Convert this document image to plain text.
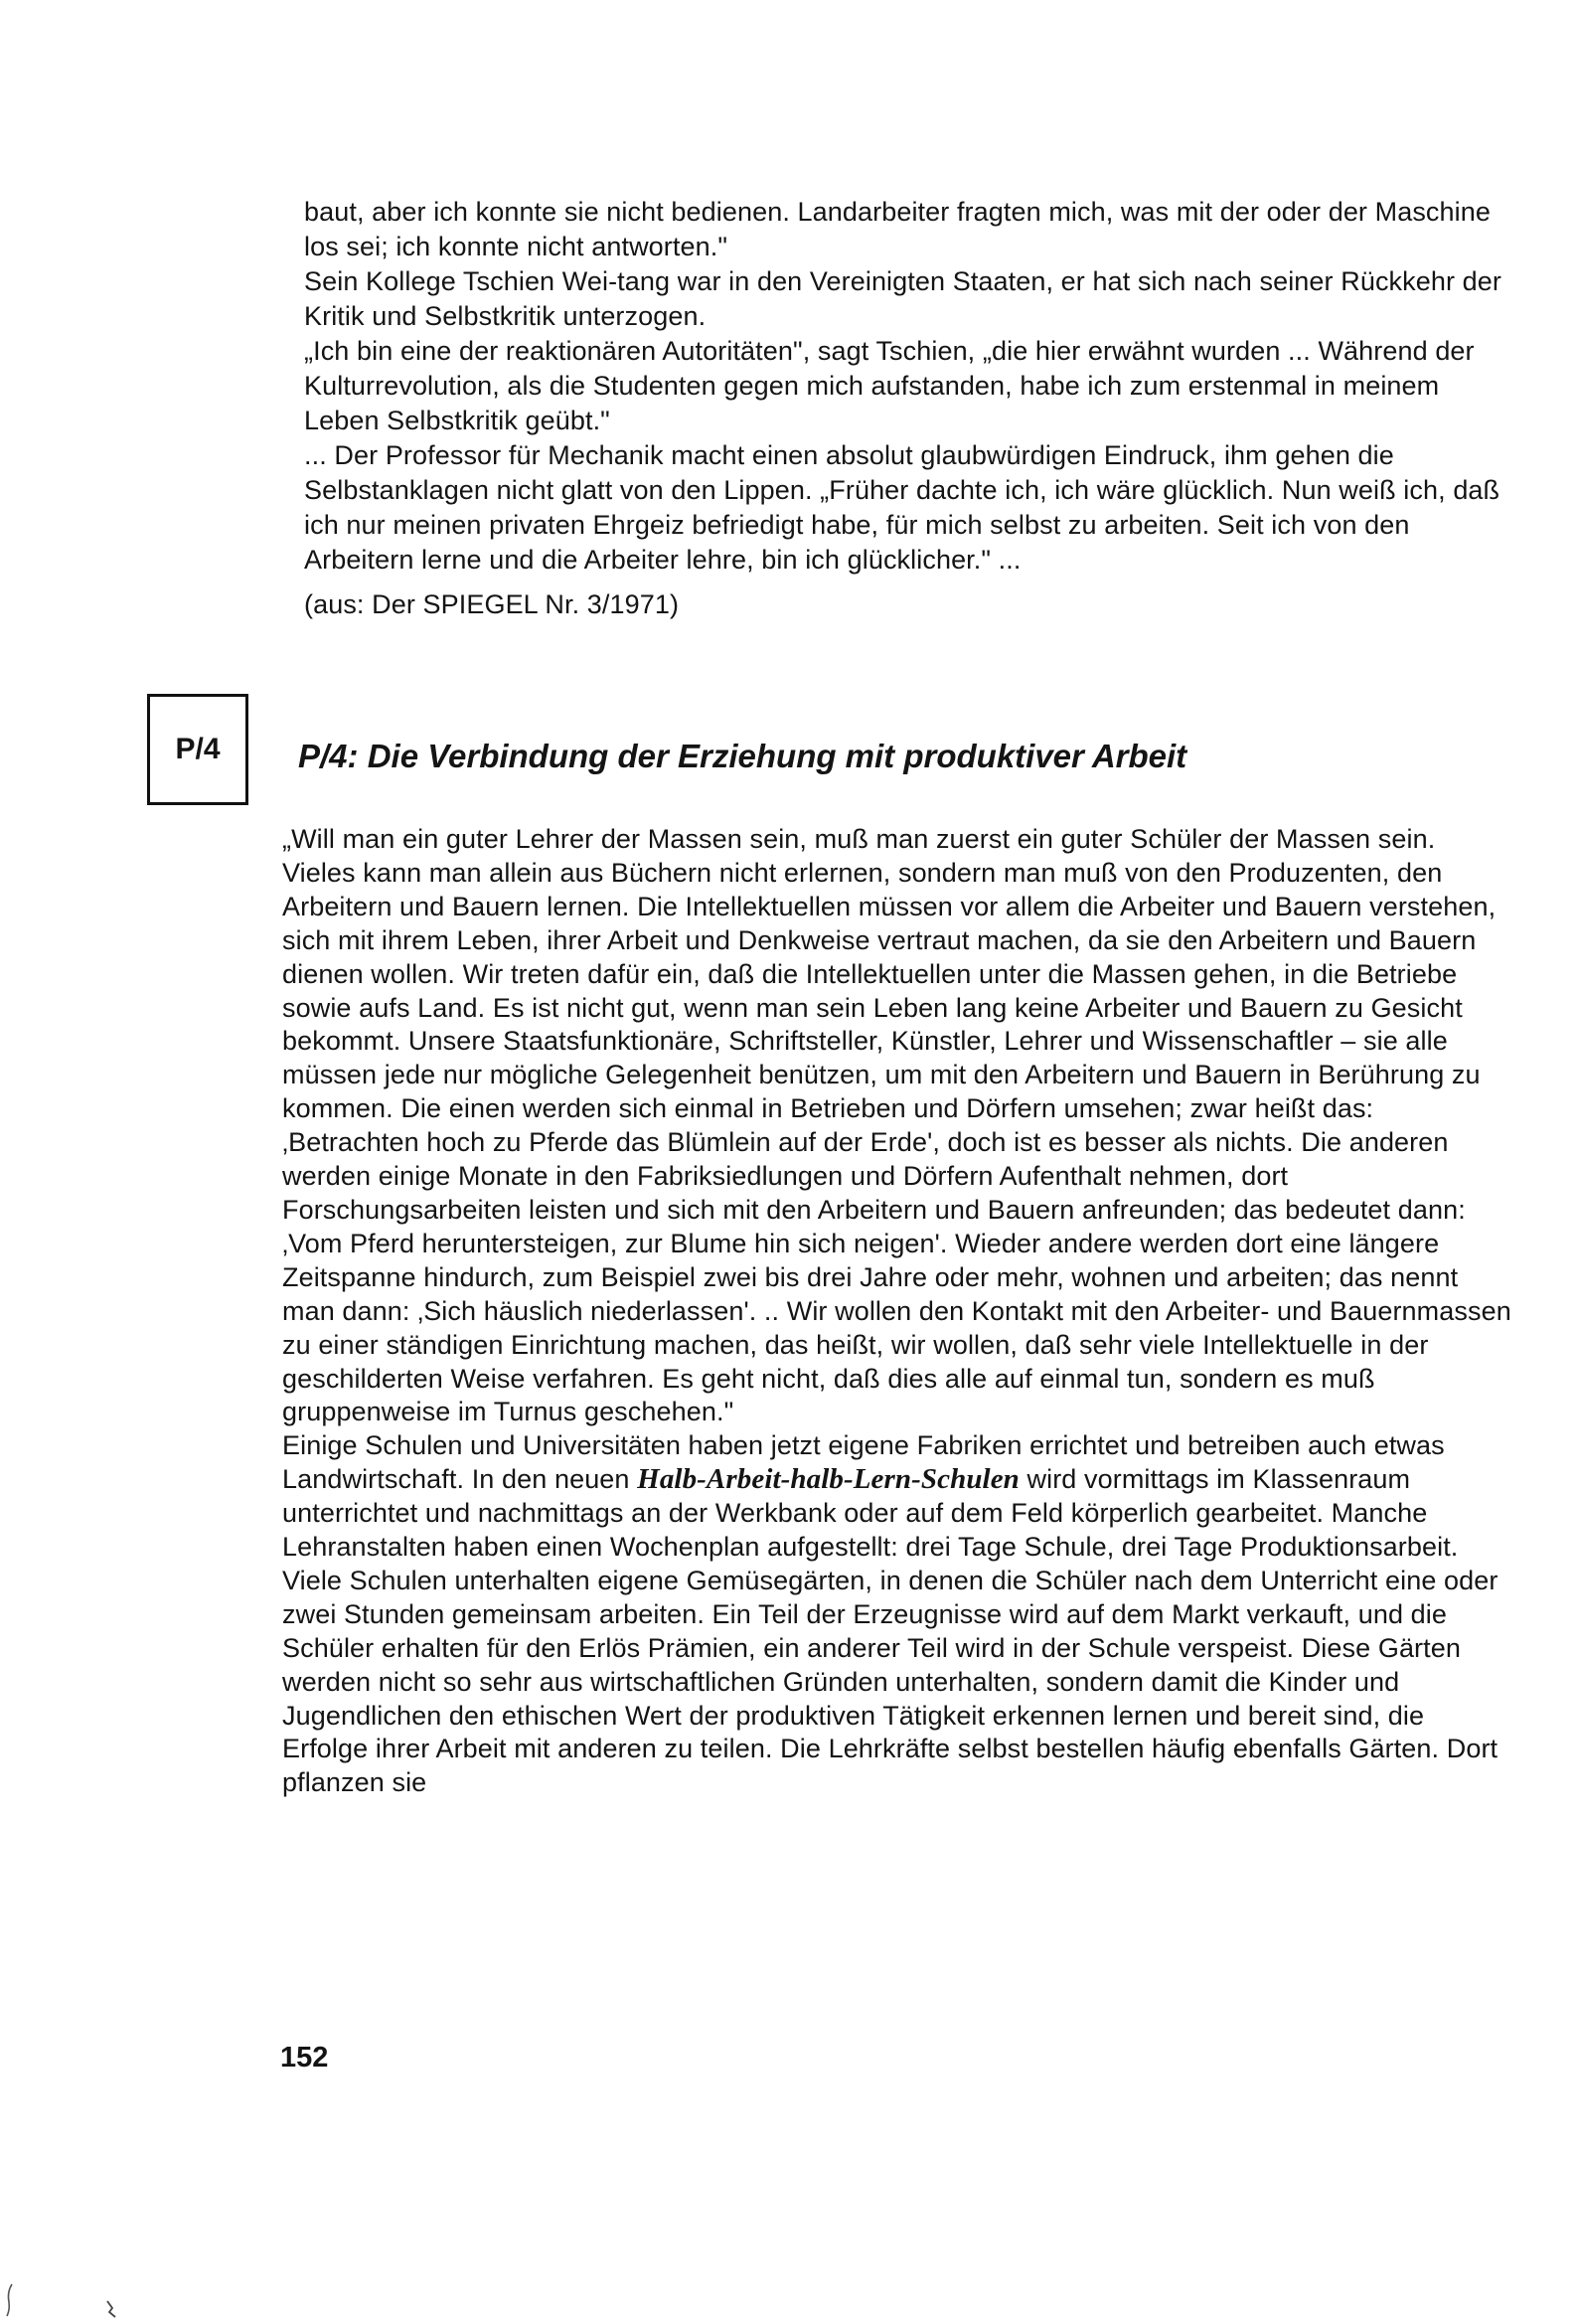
baut, aber ich konnte sie nicht bedienen. Landarbeiter fragten mich, was mit der oder der Maschine los sei; ich konnte nicht antworten."

Sein Kollege Tschien Wei-tang war in den Vereinigten Staaten, er hat sich nach seiner Rückkehr der Kritik und Selbstkritik unterzogen.

„Ich bin eine der reaktionären Autoritäten", sagt Tschien, „die hier erwähnt wurden ... Während der Kulturrevolution, als die Studenten gegen mich aufstanden, habe ich zum erstenmal in meinem Leben Selbstkritik geübt."

... Der Professor für Mechanik macht einen absolut glaubwürdigen Eindruck, ihm gehen die Selbstanklagen nicht glatt von den Lippen. „Früher dachte ich, ich wäre glücklich. Nun weiß ich, daß ich nur meinen privaten Ehrgeiz befriedigt habe, für mich selbst zu arbeiten. Seit ich von den Arbeitern lerne und die Arbeiter lehre, bin ich glücklicher." ...

(aus: Der SPIEGEL Nr. 3/1971)

P/4 P/4: Die Verbindung der Erziehung mit produktiver Arbeit

„Will man ein guter Lehrer der Massen sein, muß man zuerst ein guter Schüler der Massen sein. Vieles kann man allein aus Büchern nicht erlernen, sondern man muß von den Produzenten, den Arbeitern und Bauern lernen. Die Intellektuellen müssen vor allem die Arbeiter und Bauern verstehen, sich mit ihrem Leben, ihrer Arbeit und Denkweise vertraut machen, da sie den Arbeitern und Bauern dienen wollen. Wir treten dafür ein, daß die Intellektuellen unter die Massen gehen, in die Betriebe sowie aufs Land. Es ist nicht gut, wenn man sein Leben lang keine Arbeiter und Bauern zu Gesicht bekommt. Unsere Staatsfunktionäre, Schriftsteller, Künstler, Lehrer und Wissenschaftler – sie alle müssen jede nur mögliche Gelegenheit benützen, um mit den Arbeitern und Bauern in Berührung zu kommen. Die einen werden sich einmal in Betrieben und Dörfern umsehen; zwar heißt das: ‚Betrachten hoch zu Pferde das Blümlein auf der Erde', doch ist es besser als nichts. Die anderen werden einige Monate in den Fabriksiedlungen und Dörfern Aufenthalt nehmen, dort Forschungsarbeiten leisten und sich mit den Arbeitern und Bauern anfreunden; das bedeutet dann: ‚Vom Pferd heruntersteigen, zur Blume hin sich neigen'. Wieder andere werden dort eine längere Zeitspanne hindurch, zum Beispiel zwei bis drei Jahre oder mehr, wohnen und arbeiten; das nennt man dann: ‚Sich häuslich niederlassen'. .. Wir wollen den Kontakt mit den Arbeiter- und Bauernmassen zu einer ständigen Einrichtung machen, das heißt, wir wollen, daß sehr viele Intellektuelle in der geschilderten Weise verfahren. Es geht nicht, daß dies alle auf einmal tun, sondern es muß gruppenweise im Turnus geschehen."

Einige Schulen und Universitäten haben jetzt eigene Fabriken errichtet und betreiben auch etwas Landwirtschaft. In den neuen Halb-Arbeit-halb-Lern-Schulen wird vormittags im Klassenraum unterrichtet und nachmittags an der Werkbank oder auf dem Feld körperlich gearbeitet. Manche Lehranstalten haben einen Wochenplan aufgestellt: drei Tage Schule, drei Tage Produktionsarbeit. Viele Schulen unterhalten eigene Gemüsegärten, in denen die Schüler nach dem Unterricht eine oder zwei Stunden gemeinsam arbeiten. Ein Teil der Erzeugnisse wird auf dem Markt verkauft, und die Schüler erhalten für den Erlös Prämien, ein anderer Teil wird in der Schule verspeist. Diese Gärten werden nicht so sehr aus wirtschaftlichen Gründen unterhalten, sondern damit die Kinder und Jugendlichen den ethischen Wert der produktiven Tätigkeit erkennen lernen und bereit sind, die Erfolge ihrer Arbeit mit anderen zu teilen. Die Lehrkräfte selbst bestellen häufig ebenfalls Gärten. Dort pflanzen sie

152
